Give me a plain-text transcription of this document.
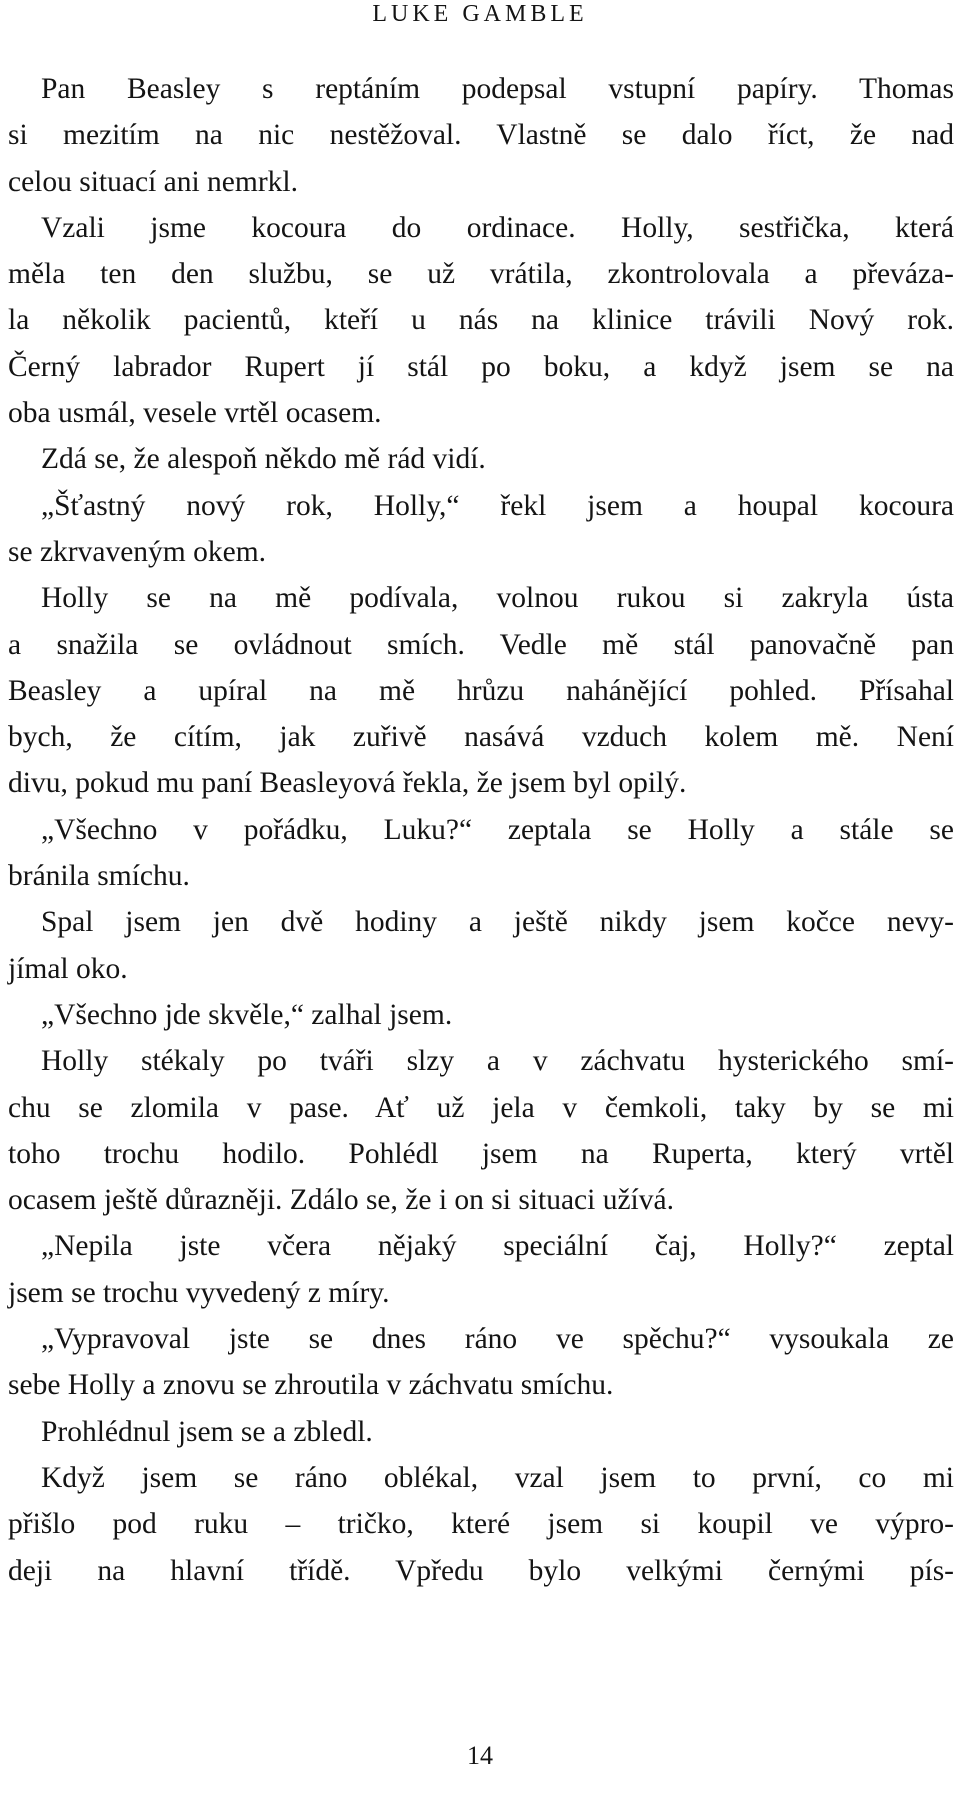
LUKE GAMBLE

Pan Beasley s reptáním podepsal vstupní papíry. Thomas
si mezitím na nic nestěžoval. Vlastně se dalo říct, že nad
celou situací ani nemrkl.

Vzali jsme kocoura do ordinace. Holly, sestřička, která
měla ten den službu, se už vrátila, zkontrolovala a převáza-
la několik pacientů, kteří u nás na klinice trávili Nový rok.
Černý labrador Rupert jí stál po boku, a když jsem se na
oba usmál, vesele vrtěl ocasem.

Zdá se, že alespoň někdo mě rád vidí.

„Šťastný nový rok, Holly,“ řekl jsem a houpal kocoura
se zkrvaveným okem.

Holly se na mě podívala, volnou rukou si zakryla ústa
a snažila se ovládnout smích. Vedle mě stál panovačně pan
Beasley a upíral na mě hrůzu nahánějící pohled. Přísahal
bych, že cítím, jak zuřivě nasává vzduch kolem mě. Není
divu, pokud mu paní Beasleyová řekla, že jsem byl opilý.

„Všechno v pořádku, Luku?“ zeptala se Holly a stále se
bránila smíchu.

Spal jsem jen dvě hodiny a ještě nikdy jsem kočce nevy-
jímal oko.

„Všechno jde skvěle,“ zalhal jsem.

Holly stékaly po tváři slzy a v záchvatu hysterického smí-
chu se zlomila v pase. Ať už jela v čemkoli, taky by se mi
toho trochu hodilo. Pohlédl jsem na Ruperta, který vrtěl
ocasem ještě důrazněji. Zdálo se, že i on si situaci užívá.

„Nepila jste včera nějaký speciální čaj, Holly?“ zeptal
jsem se trochu vyvedený z míry.

„Vypravoval jste se dnes ráno ve spěchu?“ vysoukala ze
sebe Holly a znovu se zhroutila v záchvatu smíchu.

Prohlédnul jsem se a zbledl.

Když jsem se ráno oblékal, vzal jsem to první, co mi
přišlo pod ruku – tričko, které jsem si koupil ve výpro-
deji na hlavní třídě. Vpředu bylo velkými černými pís-

14
